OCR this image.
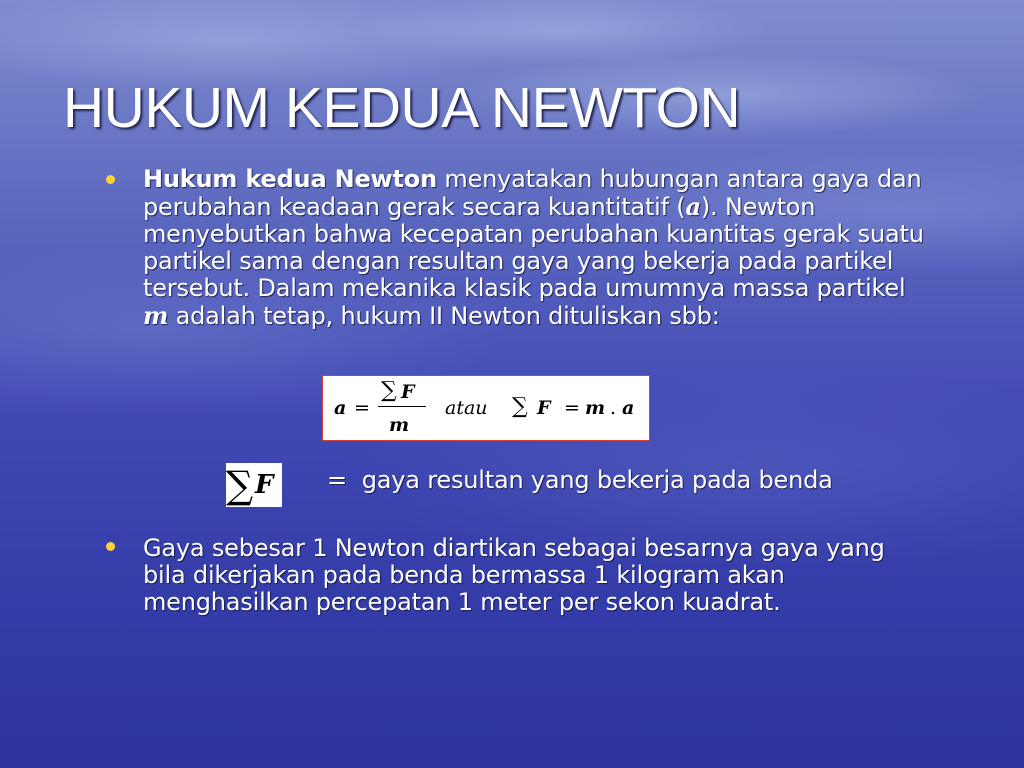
HUKUM KEDUA NEWTON
Hukum kedua Newton menyatakan hubungan antara gaya dan perubahan keadaan gerak secara kuantitatif (a). Newton menyebutkan bahwa kecepatan perubahan kuantitas gerak suatu partikel sama dengan resultan gaya yang bekerja pada partikel tersebut. Dalam mekanika klasik pada umumnya massa partikel m adalah tetap, hukum II Newton dituliskan sbb:
a =
∑ F
m
atau ∑ F = m . a
∑ F =  gaya resultan yang bekerja pada benda
Gaya sebesar 1 Newton diartikan sebagai besarnya gaya yang bila dikerjakan pada benda bermassa 1 kilogram akan menghasilkan percepatan 1 meter per sekon kuadrat.
